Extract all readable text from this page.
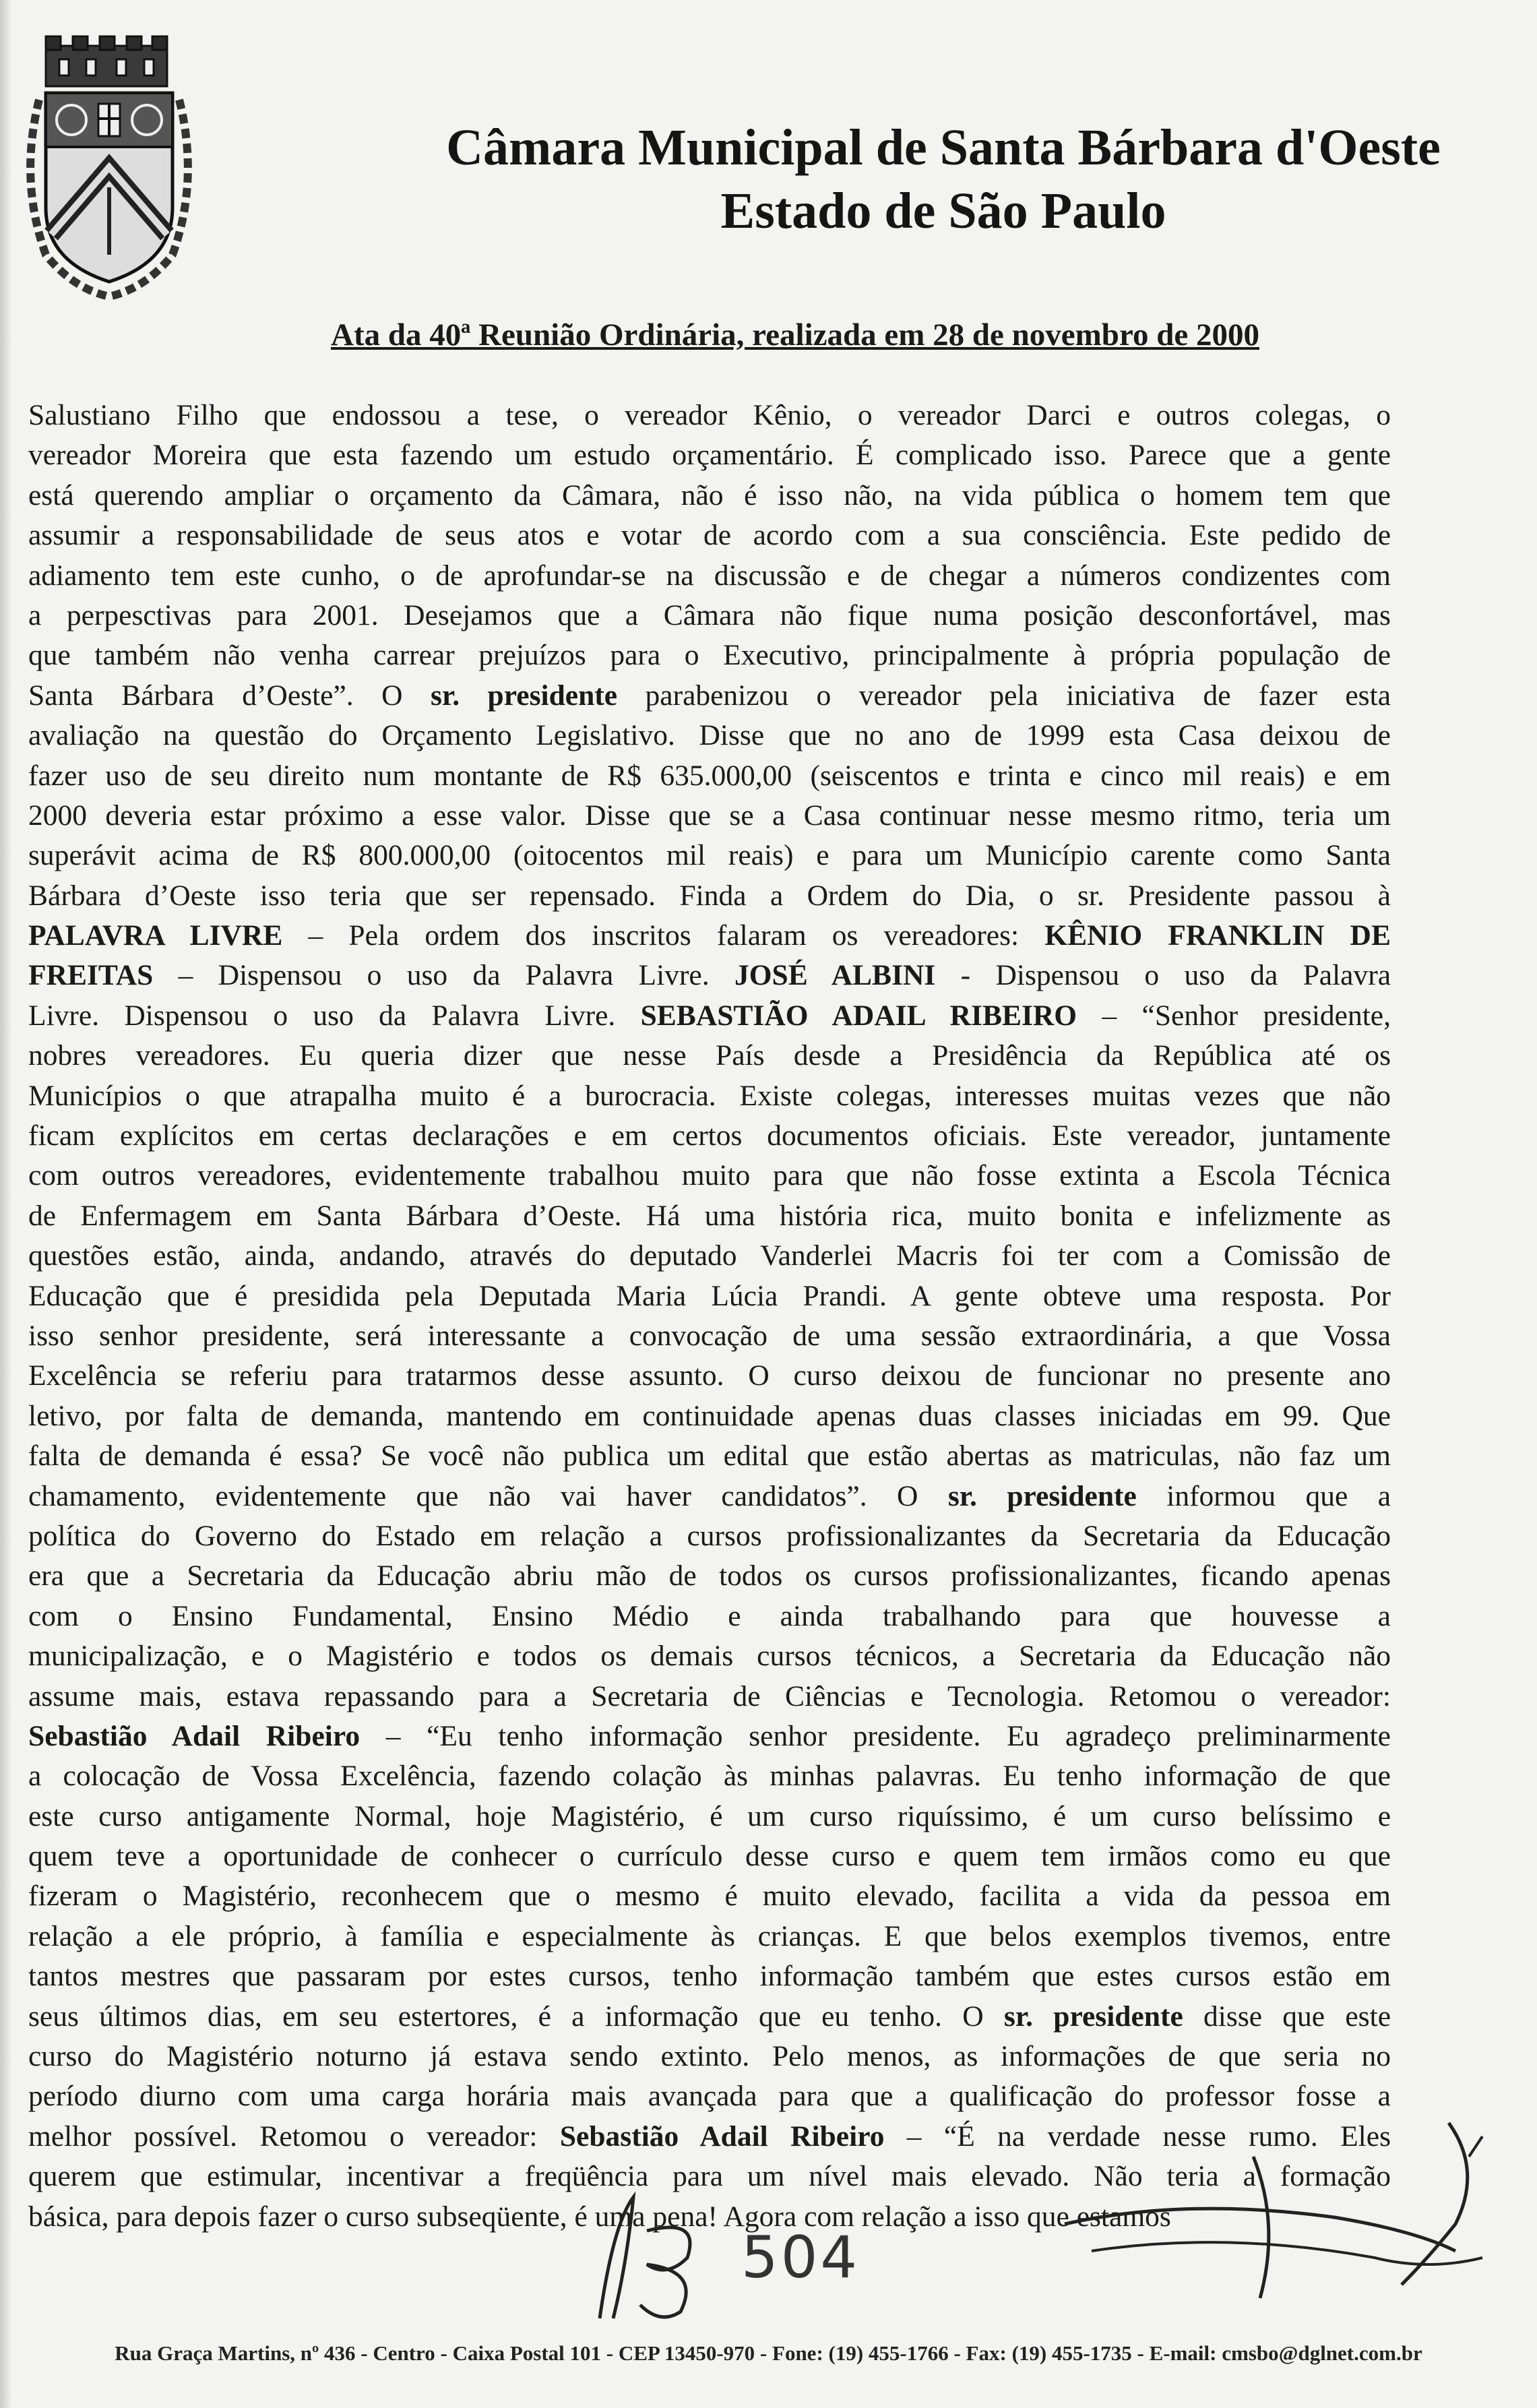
Câmara Municipal de Santa Bárbara d'Oeste
Estado de São Paulo
Ata da 40ª Reunião Ordinária, realizada em 28 de novembro de 2000
Salustiano Filho que endossou a tese, o vereador Kênio, o vereador Darci e outros colegas, o
vereador Moreira que esta fazendo um estudo orçamentário. É complicado isso. Parece que a gente
está querendo ampliar o orçamento da Câmara, não é isso não, na vida pública o homem tem que
assumir a responsabilidade de seus atos e votar de acordo com a sua consciência. Este pedido de
adiamento tem este cunho, o de aprofundar-se na discussão e de chegar a números condizentes com
a perpesctivas para 2001. Desejamos que a Câmara não fique numa posição desconfortável, mas
que também não venha carrear prejuízos para o Executivo, principalmente à própria população de
Santa Bárbara d’Oeste”. O sr. presidente parabenizou o vereador pela iniciativa de fazer esta
avaliação na questão do Orçamento Legislativo. Disse que no ano de 1999 esta Casa deixou de
fazer uso de seu direito num montante de R$ 635.000,00 (seiscentos e trinta e cinco mil reais) e em
2000 deveria estar próximo a esse valor. Disse que se a Casa continuar nesse mesmo ritmo, teria um
superávit acima de R$ 800.000,00 (oitocentos mil reais) e para um Município carente como Santa
Bárbara d’Oeste isso teria que ser repensado. Finda a Ordem do Dia, o sr. Presidente passou à
PALAVRA LIVRE – Pela ordem dos inscritos falaram os vereadores: KÊNIO FRANKLIN DE
FREITAS – Dispensou o uso da Palavra Livre. JOSÉ ALBINI - Dispensou o uso da Palavra
Livre. Dispensou o uso da Palavra Livre. SEBASTIÃO ADAIL RIBEIRO – “Senhor presidente,
nobres vereadores. Eu queria dizer que nesse País desde a Presidência da República até os
Municípios o que atrapalha muito é a burocracia. Existe colegas, interesses muitas vezes que não
ficam explícitos em certas declarações e em certos documentos oficiais. Este vereador, juntamente
com outros vereadores, evidentemente trabalhou muito para que não fosse extinta a Escola Técnica
de Enfermagem em Santa Bárbara d’Oeste. Há uma história rica, muito bonita e infelizmente as
questões estão, ainda, andando, através do deputado Vanderlei Macris foi ter com a Comissão de
Educação que é presidida pela Deputada Maria Lúcia Prandi. A gente obteve uma resposta. Por
isso senhor presidente, será interessante a convocação de uma sessão extraordinária, a que Vossa
Excelência se referiu para tratarmos desse assunto. O curso deixou de funcionar no presente ano
letivo, por falta de demanda, mantendo em continuidade apenas duas classes iniciadas em 99. Que
falta de demanda é essa? Se você não publica um edital que estão abertas as matriculas, não faz um
chamamento, evidentemente que não vai haver candidatos”. O sr. presidente informou que a
política do Governo do Estado em relação a cursos profissionalizantes da Secretaria da Educação
era que a Secretaria da Educação abriu mão de todos os cursos profissionalizantes, ficando apenas
com o Ensino Fundamental, Ensino Médio e ainda trabalhando para que houvesse a
municipalização, e o Magistério e todos os demais cursos técnicos, a Secretaria da Educação não
assume mais, estava repassando para a Secretaria de Ciências e Tecnologia. Retomou o vereador:
Sebastião Adail Ribeiro – “Eu tenho informação senhor presidente. Eu agradeço preliminarmente
a colocação de Vossa Excelência, fazendo colação às minhas palavras. Eu tenho informação de que
este curso antigamente Normal, hoje Magistério, é um curso riquíssimo, é um curso belíssimo e
quem teve a oportunidade de conhecer o currículo desse curso e quem tem irmãos como eu que
fizeram o Magistério, reconhecem que o mesmo é muito elevado, facilita a vida da pessoa em
relação a ele próprio, à família e especialmente às crianças. E que belos exemplos tivemos, entre
tantos mestres que passaram por estes cursos, tenho informação também que estes cursos estão em
seus últimos dias, em seu estertores, é a informação que eu tenho. O sr. presidente disse que este
curso do Magistério noturno já estava sendo extinto. Pelo menos, as informações de que seria no
período diurno com uma carga horária mais avançada para que a qualificação do professor fosse a
melhor possível. Retomou o vereador: Sebastião Adail Ribeiro – “É na verdade nesse rumo. Eles
querem que estimular, incentivar a freqüência para um nível mais elevado. Não teria a formação
básica, para depois fazer o curso subseqüente, é uma pena! Agora com relação a isso que estamos
504
Rua Graça Martins, nº 436 - Centro - Caixa Postal 101 - CEP 13450-970 - Fone: (19) 455-1766 - Fax: (19) 455-1735 - E-mail: cmsbo@dglnet.com.br
